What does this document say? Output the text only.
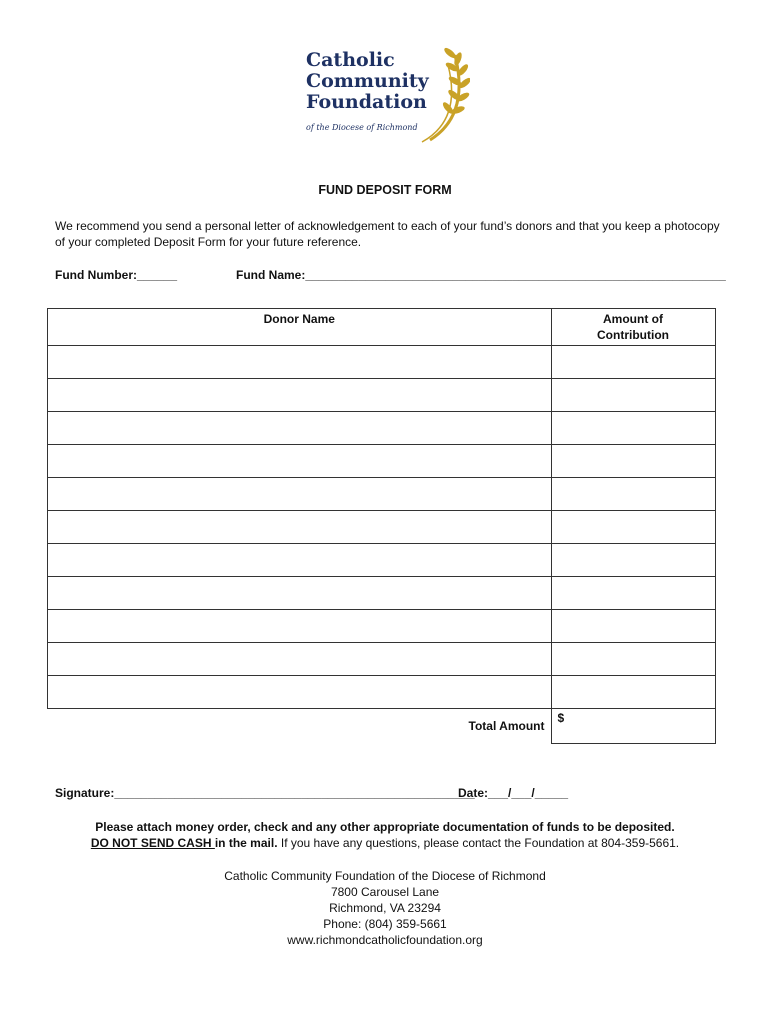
Catholic
Community
Foundation
of the Diocese of Richmond
FUND DEPOSIT FORM
We recommend you send a personal letter of acknowledgement to each of your fund’s donors and that you keep a photocopy of your completed Deposit Form for your future reference.
Fund Number:______	Fund Name:_______________________________________________________________
Donor Name	Amount of
Contribution

Total Amount	$
Signature:______________________________________________________
Date:___/___/_____
Please attach money order, check and any other appropriate documentation of funds to be deposited.
DO NOT SEND CASH in the mail. If you have any questions, please contact the Foundation at 804-359-5661.
Catholic Community Foundation of the Diocese of Richmond
7800 Carousel Lane
Richmond, VA 23294
Phone: (804) 359-5661
www.richmondcatholicfoundation.org
